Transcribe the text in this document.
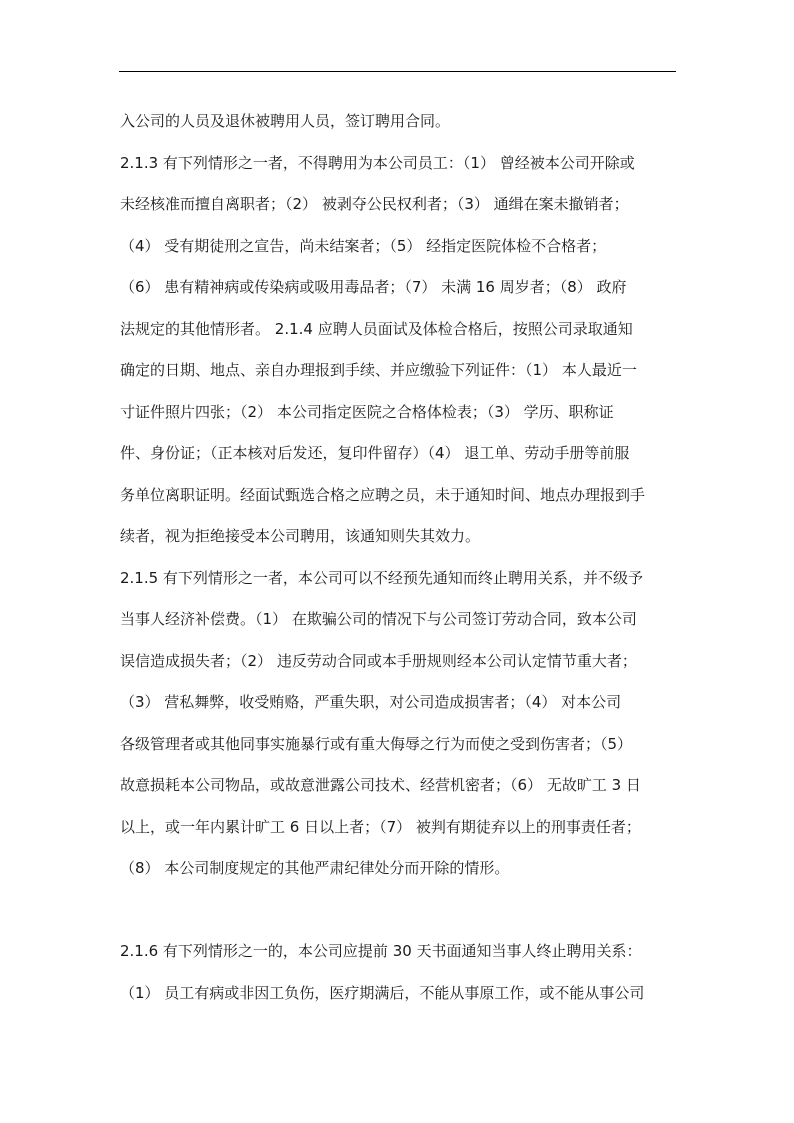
入公司的人员及退休被聘用人员，签订聘用合同。
2.1.3 有下列情形之一者，不得聘用为本公司员工：（1） 曾经被本公司开除或
未经核准而擅自离职者；（2） 被剥夺公民权利者；（3） 通缉在案未撤销者；
（4） 受有期徒刑之宣告，尚未结案者；（5） 经指定医院体检不合格者；
（6） 患有精神病或传染病或吸用毒品者；（7） 未满 16 周岁者；（8） 政府
法规定的其他情形者。 2.1.4 应聘人员面试及体检合格后，按照公司录取通知
确定的日期、地点、亲自办理报到手续、并应缴验下列证件：（1） 本人最近一
寸证件照片四张；（2） 本公司指定医院之合格体检表；（3） 学历、职称证
件、身份证；（正本核对后发还，复印件留存）（4） 退工单、劳动手册等前服
务单位离职证明。经面试甄选合格之应聘之员，未于通知时间、地点办理报到手
续者，视为拒绝接受本公司聘用，该通知则失其效力。
2.1.5 有下列情形之一者，本公司可以不经预先通知而终止聘用关系，并不级予
当事人经济补偿费。（1） 在欺骗公司的情况下与公司签订劳动合同，致本公司
误信造成损失者；（2） 违反劳动合同或本手册规则经本公司认定情节重大者；
（3） 营私舞弊，收受贿赂，严重失职，对公司造成损害者；（4） 对本公司
各级管理者或其他同事实施暴行或有重大侮辱之行为而使之受到伤害者；（5）
故意损耗本公司物品，或故意泄露公司技术、经营机密者；（6） 无故旷工 3 日
以上，或一年内累计旷工 6 日以上者；（7） 被判有期徒弃以上的刑事责任者；
（8） 本公司制度规定的其他严肃纪律处分而开除的情形。
2.1.6 有下列情形之一的，本公司应提前 30 天书面通知当事人终止聘用关系：
（1） 员工有病或非因工负伤，医疗期满后，不能从事原工作，或不能从事公司
